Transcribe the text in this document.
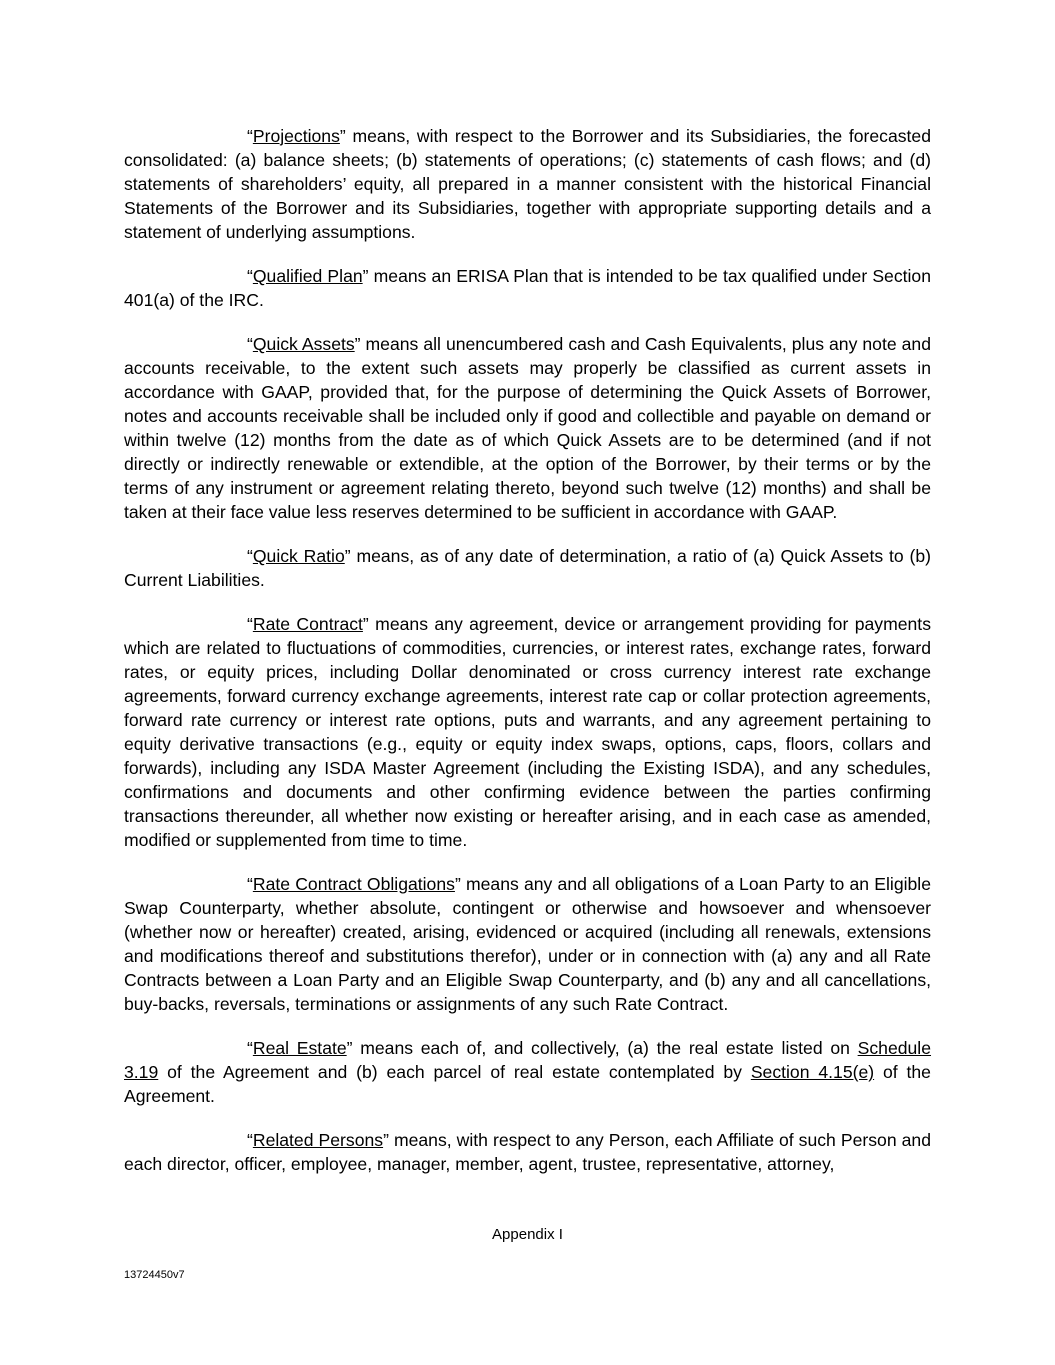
“Projections” means, with respect to the Borrower and its Subsidiaries, the forecasted consolidated: (a) balance sheets; (b) statements of operations; (c) statements of cash flows; and (d) statements of shareholders’ equity, all prepared in a manner consistent with the historical Financial Statements of the Borrower and its Subsidiaries, together with appropriate supporting details and a statement of underlying assumptions.

“Qualified Plan” means an ERISA Plan that is intended to be tax qualified under Section 401(a) of the IRC.

“Quick Assets” means all unencumbered cash and Cash Equivalents, plus any note and accounts receivable, to the extent such assets may properly be classified as current assets in accordance with GAAP, provided that, for the purpose of determining the Quick Assets of Borrower, notes and accounts receivable shall be included only if good and collectible and payable on demand or within twelve (12) months from the date as of which Quick Assets are to be determined (and if not directly or indirectly renewable or extendible, at the option of the Borrower, by their terms or by the terms of any instrument or agreement relating thereto, beyond such twelve (12) months) and shall be taken at their face value less reserves determined to be sufficient in accordance with GAAP.

“Quick Ratio” means, as of any date of determination, a ratio of (a) Quick Assets to (b) Current Liabilities.

“Rate Contract” means any agreement, device or arrangement providing for payments which are related to fluctuations of commodities, currencies, or interest rates, exchange rates, forward rates, or equity prices, including Dollar denominated or cross currency interest rate exchange agreements, forward currency exchange agreements, interest rate cap or collar protection agreements, forward rate currency or interest rate options, puts and warrants, and any agreement pertaining to equity derivative transactions (e.g., equity or equity index swaps, options, caps, floors, collars and forwards), including any ISDA Master Agreement (including the Existing ISDA), and any schedules, confirmations and documents and other confirming evidence between the parties confirming transactions thereunder, all whether now existing or hereafter arising, and in each case as amended, modified or supplemented from time to time.

“Rate Contract Obligations” means any and all obligations of a Loan Party to an Eligible Swap Counterparty, whether absolute, contingent or otherwise and howsoever and whensoever (whether now or hereafter) created, arising, evidenced or acquired (including all renewals, extensions and modifications thereof and substitutions therefor), under or in connection with (a) any and all Rate Contracts between a Loan Party and an Eligible Swap Counterparty, and (b) any and all cancellations, buy-backs, reversals, terminations or assignments of any such Rate Contract.

“Real Estate” means each of, and collectively, (a) the real estate listed on Schedule 3.19 of the Agreement and (b) each parcel of real estate contemplated by Section 4.15(e) of the Agreement.

“Related Persons” means, with respect to any Person, each Affiliate of such Person and each director, officer, employee, manager, member, agent, trustee, representative, attorney,

Appendix I
13724450v7
